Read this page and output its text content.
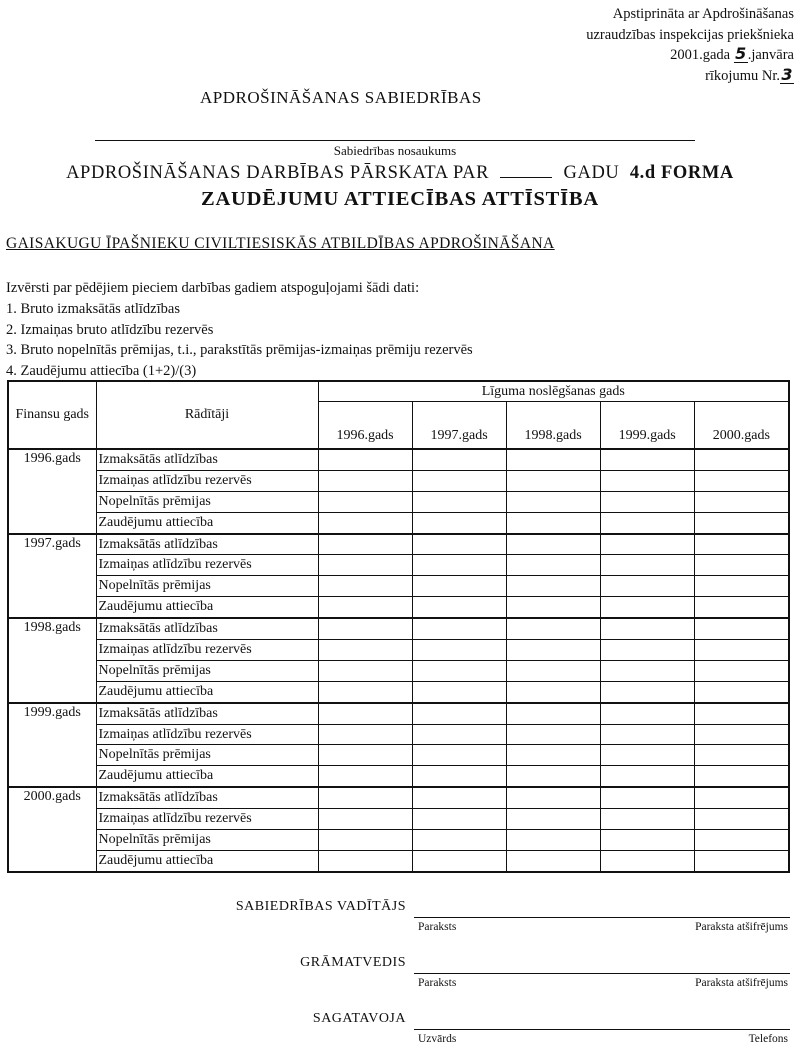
Apstiprināta ar Apdrošināšanas
uzraudzības inspekcijas priekšnieka
2001.gada 5.janvāra
rīkojumu Nr.3
APDROŠINĀŠANAS SABIEDRĪBAS
Sabiedrības nosaukums
APDROŠINĀŠANAS DARBĪBAS PĀRSKATA PAR	GADU 4.d FORMA
ZAUDĒJUMU ATTIECĪBAS ATTĪSTĪBA
GAISAKUGU ĪPAŠNIEKU CIVILTIESISKĀS ATBILDĪBAS APDROŠINĀŠANA
Izvērsti par pēdējiem pieciem darbības gadiem atspoguļojami šādi dati:
1. Bruto izmaksātās atlīdzības
2. Izmaiņas bruto atlīdzību rezervēs
3. Bruto nopelnītās prēmijas, t.i., parakstītās prēmijas-izmaiņas prēmiju rezervēs
4. Zaudējumu attiecība (1+2)/(3)
Finansu gads	Rādītāji	Līguma noslēgšanas gads				
		1996.gads	1997.gads	1998.gads	1999.gads	2000.gads
1996.gads	Izmaksātās atlīdzības					
	Izmaiņas atlīdzību rezervēs					
	Nopelnītās prēmijas					
	Zaudējumu attiecība					
1997.gads	Izmaksātās atlīdzības					
	Izmaiņas atlīdzību rezervēs					
	Nopelnītās prēmijas					
	Zaudējumu attiecība					
1998.gads	Izmaksātās atlīdzības					
	Izmaiņas atlīdzību rezervēs					
	Nopelnītās prēmijas					
	Zaudējumu attiecība					
1999.gads	Izmaksātās atlīdzības					
	Izmaiņas atlīdzību rezervēs					
	Nopelnītās prēmijas					
	Zaudējumu attiecība					
2000.gads	Izmaksātās atlīdzības					
	Izmaiņas atlīdzību rezervēs					
	Nopelnītās prēmijas					
	Zaudējumu attiecība					
SABIEDRĪBAS VADĪTĀJS
Paraksts	Paraksta atšifrējums
GRĀMATVEDIS
Paraksts	Paraksta atšifrējums
SAGATAVOJA
Uzvārds	Telefons
